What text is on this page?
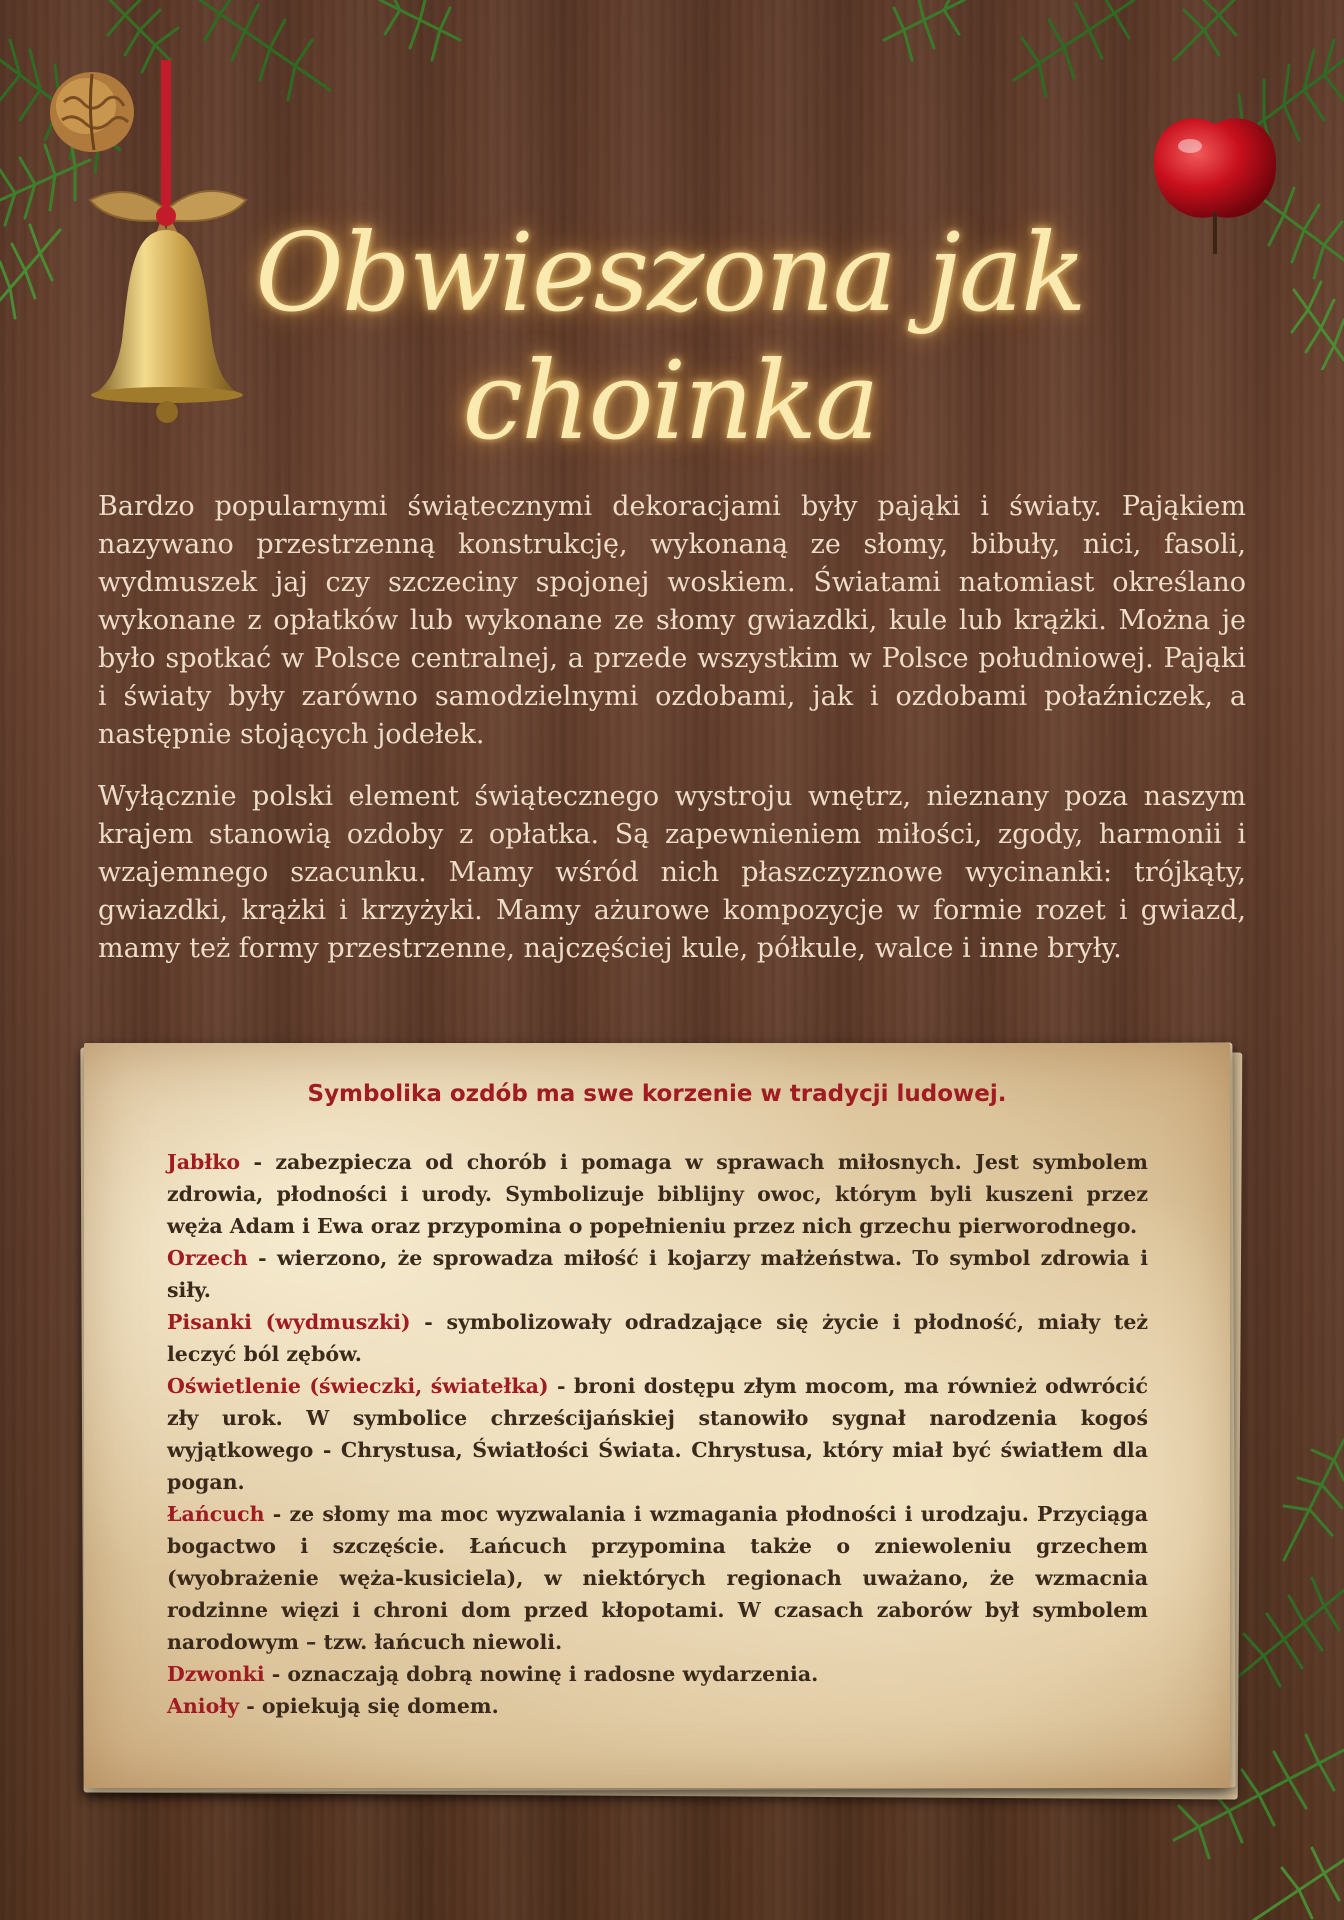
Obwieszona jak
choinka

Bardzo popularnymi świątecznymi dekoracjami były pająki i światy. Pająkiem nazywano przestrzenną konstrukcję, wykonaną ze słomy, bibuły, nici, fasoli, wydmuszek jaj czy szczeciny spojonej woskiem. Światami natomiast określano wykonane z opłatków lub wykonane ze słomy gwiazdki, kule lub krążki. Można je było spotkać w Polsce centralnej, a przede wszystkim w Polsce południowej. Pająki i światy były zarówno samodzielnymi ozdobami, jak i ozdobami połaźniczek, a następnie stojących jodełek.

Wyłącznie polski element świątecznego wystroju wnętrz, nieznany poza naszym krajem stanowią ozdoby z opłatka. Są zapewnieniem miłości, zgody, harmonii i wzajemnego szacunku. Mamy wśród nich płaszczyznowe wycinanki: trójkąty, gwiazdki, krążki i krzyżyki. Mamy ażurowe kompozycje w formie rozet i gwiazd, mamy też formy przestrzenne, najczęściej kule, półkule, walce i inne bryły.

Symbolika ozdób ma swe korzenie w tradycji ludowej.

Jabłko - zabezpiecza od chorób i pomaga w sprawach miłosnych. Jest symbolem zdrowia, płodności i urody. Symbolizuje biblijny owoc, którym byli kuszeni przez węża Adam i Ewa oraz przypomina o popełnieniu przez nich grzechu pierworodnego.

Orzech - wierzono, że sprowadza miłość i kojarzy małżeństwa. To symbol zdrowia i siły.

Pisanki (wydmuszki) - symbolizowały odradzające się życie i płodność, miały też leczyć ból zębów.

Oświetlenie (świeczki, światełka) - broni dostępu złym mocom, ma również odwrócić zły urok. W symbolice chrześcijańskiej stanowiło sygnał narodzenia kogoś wyjątkowego - Chrystusa, Światłości Świata. Chrystusa, który miał być światłem dla pogan.

Łańcuch - ze słomy ma moc wyzwalania i wzmagania płodności i urodzaju. Przyciąga bogactwo i szczęście. Łańcuch przypomina także o zniewoleniu grzechem (wyobrażenie węża-kusiciela), w niektórych regionach uważano, że wzmacnia rodzinne więzi i chroni dom przed kłopotami. W czasach zaborów był symbolem narodowym – tzw. łańcuch niewoli.

Dzwonki - oznaczają dobrą nowinę i radosne wydarzenia.

Anioły - opiekują się domem.
